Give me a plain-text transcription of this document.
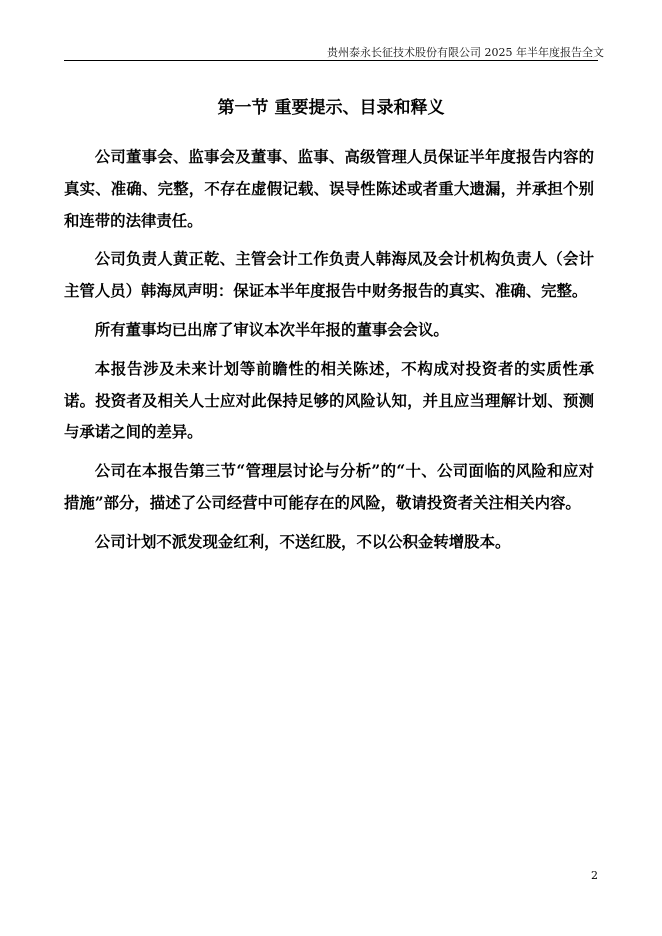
贵州泰永长征技术股份有限公司 2025 年半年度报告全文
第一节 重要提示、目录和释义

公司董事会、监事会及董事、监事、高级管理人员保证半年度报告内容的真实、准确、完整，不存在虚假记载、误导性陈述或者重大遗漏，并承担个别和连带的法律责任。

公司负责人黄正乾、主管会计工作负责人韩海凤及会计机构负责人（会计主管人员）韩海凤声明：保证本半年度报告中财务报告的真实、准确、完整。

所有董事均已出席了审议本次半年报的董事会会议。

本报告涉及未来计划等前瞻性的相关陈述，不构成对投资者的实质性承诺。投资者及相关人士应对此保持足够的风险认知，并且应当理解计划、预测与承诺之间的差异。

公司在本报告第三节“管理层讨论与分析”的“十、公司面临的风险和应对措施”部分，描述了公司经营中可能存在的风险，敬请投资者关注相关内容。

公司计划不派发现金红利，不送红股，不以公积金转增股本。

2
